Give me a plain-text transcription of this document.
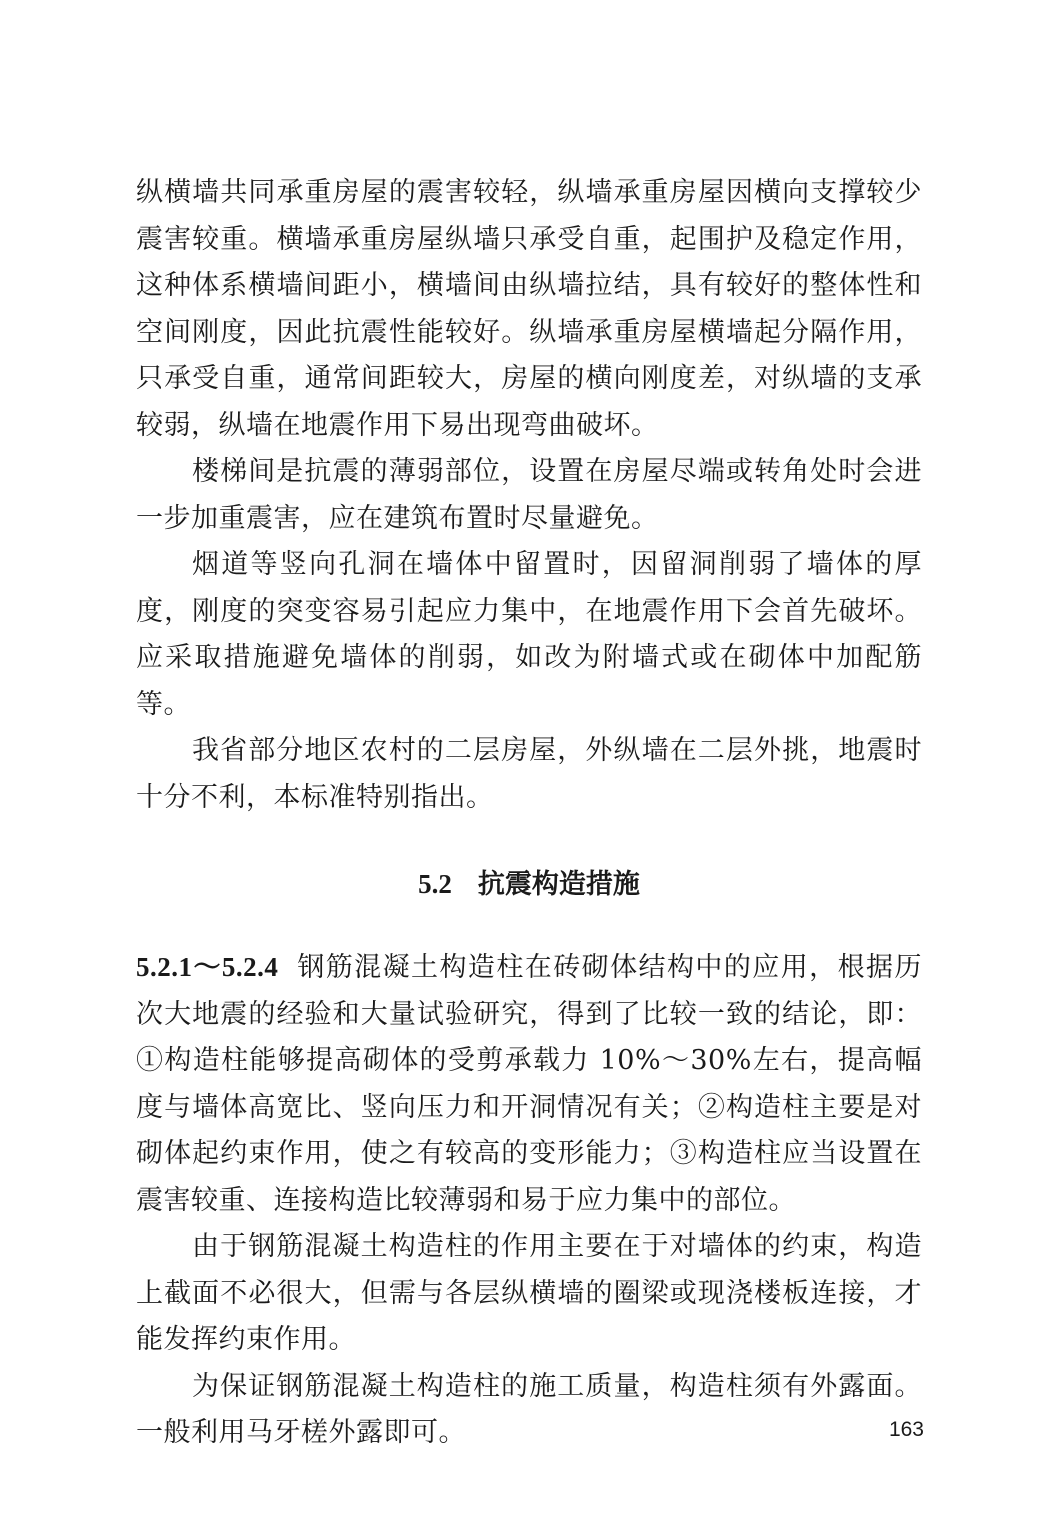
纵横墙共同承重房屋的震害较轻，纵墙承重房屋因横向支撑较少震害较重。横墙承重房屋纵墙只承受自重，起围护及稳定作用，这种体系横墙间距小，横墙间由纵墙拉结，具有较好的整体性和空间刚度，因此抗震性能较好。纵墙承重房屋横墙起分隔作用，只承受自重，通常间距较大，房屋的横向刚度差，对纵墙的支承较弱，纵墙在地震作用下易出现弯曲破坏。

楼梯间是抗震的薄弱部位，设置在房屋尽端或转角处时会进一步加重震害，应在建筑布置时尽量避免。

烟道等竖向孔洞在墙体中留置时，因留洞削弱了墙体的厚度，刚度的突变容易引起应力集中，在地震作用下会首先破坏。应采取措施避免墙体的削弱，如改为附墙式或在砌体中加配筋等。

我省部分地区农村的二层房屋，外纵墙在二层外挑，地震时十分不利，本标准特别指出。

5.2 抗震构造措施

5.2.1～5.2.4 钢筋混凝土构造柱在砖砌体结构中的应用，根据历次大地震的经验和大量试验研究，得到了比较一致的结论，即：①构造柱能够提高砌体的受剪承载力 10%～30%左右，提高幅度与墙体高宽比、竖向压力和开洞情况有关；②构造柱主要是对砌体起约束作用，使之有较高的变形能力；③构造柱应当设置在震害较重、连接构造比较薄弱和易于应力集中的部位。

由于钢筋混凝土构造柱的作用主要在于对墙体的约束，构造上截面不必很大，但需与各层纵横墙的圈梁或现浇楼板连接，才能发挥约束作用。

为保证钢筋混凝土构造柱的施工质量，构造柱须有外露面。一般利用马牙槎外露即可。	163
